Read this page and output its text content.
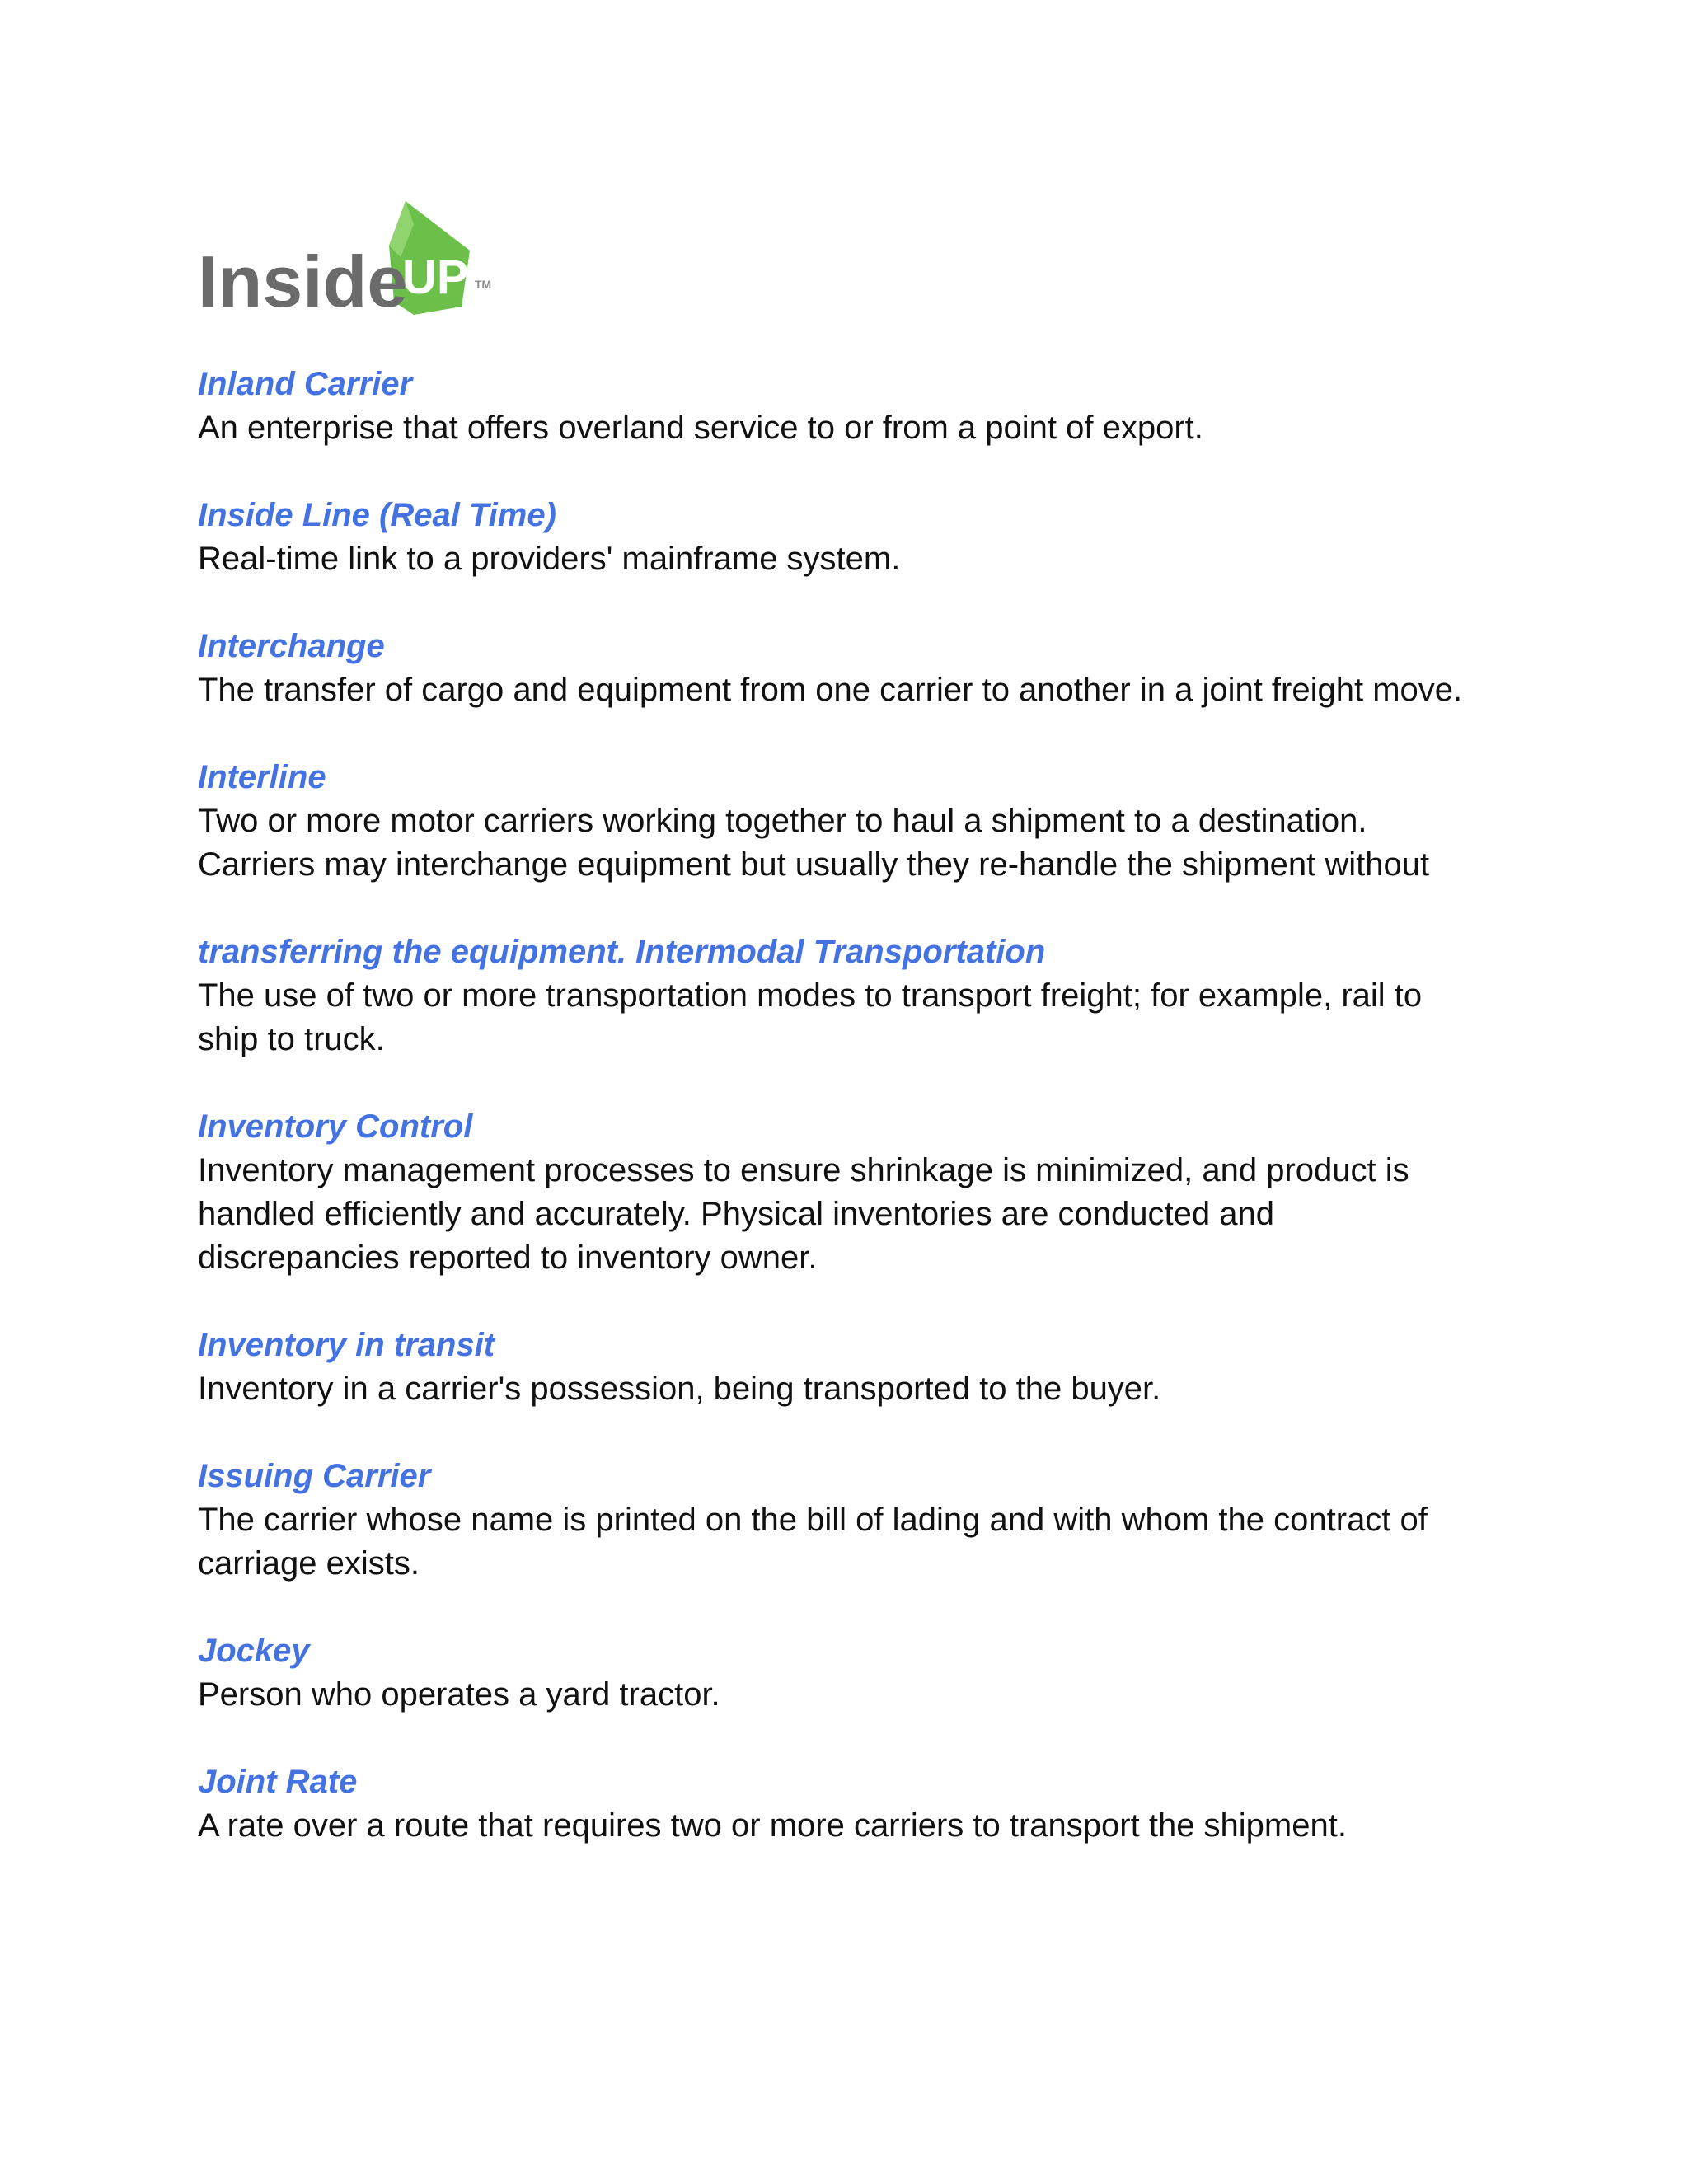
Inside
UP TM

Inland Carrier

An enterprise that offers overland service to or from a point of export.

Inside Line (Real Time)

Real-time link to a providers' mainframe system.

Interchange

The transfer of cargo and equipment from one carrier to another in a joint freight move.

Interline

Two or more motor carriers working together to haul a shipment to a destination.
Carriers may interchange equipment but usually they re-handle the shipment without

transferring the equipment. Intermodal Transportation

The use of two or more transportation modes to transport freight; for example, rail to
ship to truck.

Inventory Control

Inventory management processes to ensure shrinkage is minimized, and product is
handled efficiently and accurately. Physical inventories are conducted and
discrepancies reported to inventory owner.

Inventory in transit

Inventory in a carrier's possession, being transported to the buyer.

Issuing Carrier

The carrier whose name is printed on the bill of lading and with whom the contract of
carriage exists.

Jockey

Person who operates a yard tractor.

Joint Rate

A rate over a route that requires two or more carriers to transport the shipment.
